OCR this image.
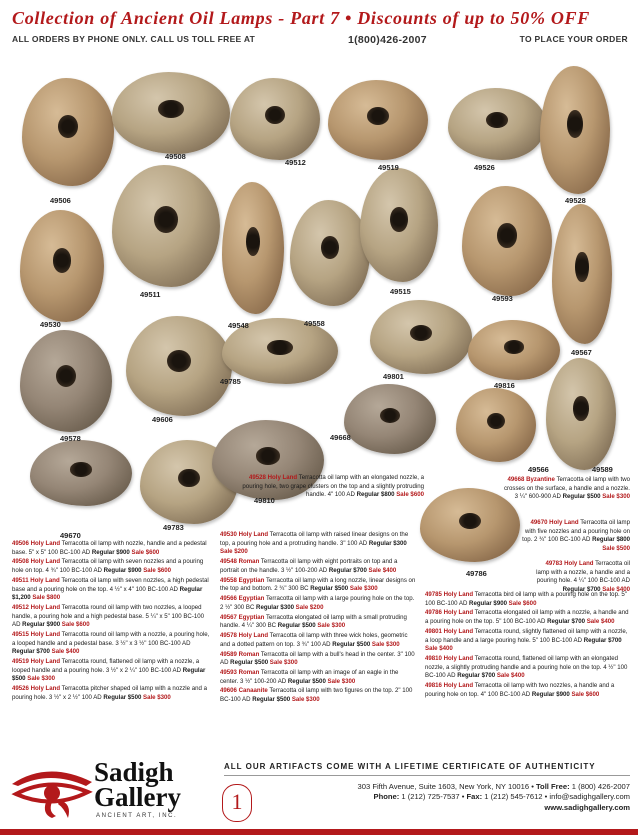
Collection of Ancient Oil Lamps - Part 7 • Discounts of up to 50% OFF
ALL ORDERS BY PHONE ONLY. CALL US TOLL FREE AT	1(800)426-2007	TO PLACE YOUR ORDER
49508
49512
49519	49526
49506	49528
49515
49511	49593
49530	49548	49558
49567
49801
49785	49816
49606
49578	49668
49566	49589
49810
49670
49783
49786
49528 Holy Land Terracotta oil lamp with an elongated nozzle, a pouring hole, two grape clusters on the top and a slightly protruding handle. 4" 100 AD Regular $800 Sale $600
49668 Byzantine Terracotta oil lamp with two crosses on the surface, a handle and a nozzle. 3 ¼" 600-900 AD Regular $500 Sale $300
49670 Holy Land Terracotta oil lamp with five nozzles and a pouring hole on top. 2 ¾" 100 BC-100 AD Regular $800 Sale $500
49783 Holy Land Terracotta oil lamp with a nozzle, a handle and a pouring hole. 4 ¼" 100 BC-100 AD Regular $700 Sale $400
49506 Holy Land Terracotta oil lamp with nozzle, handle and a pedestal base. 5" x 5" 100 BC-100 AD Regular $900 Sale $600
49508 Holy Land Terracotta oil lamp with seven nozzles and a pouring hole on top. 4 ¾" 100 BC-100 AD Regular $900 Sale $600
49511 Holy Land Terracotta oil lamp with seven nozzles, a high pedestal base and a pouring hole on the top. 4 ½" x 4" 100 BC-100 AD Regular $1,200 Sale $800
49512 Holy Land Terracotta round oil lamp with two nozzles, a looped handle, a pouring hole and a high pedestal base. 5 ¼" x 5" 100 BC-100 AD Regular $900 Sale $600
49515 Holy Land Terracotta round oil lamp with a nozzle, a pouring hole, a looped handle and a pedestal base. 3 ½" x 3 ½" 100 BC-100 AD Regular $700 Sale $400
49519 Holy Land Terracotta round, flattened oil lamp with a nozzle, a looped handle and a pouring hole. 3 ½" x 2 ¼" 100 BC-100 AD Regular $500 Sale $300
49526 Holy Land Terracotta pitcher shaped oil lamp with a nozzle and a pouring hole. 3 ½" x 2 ½" 100 AD Regular $500 Sale $300
49530 Holy Land Terracotta oil lamp with raised linear designs on the top, a pouring hole and a protruding handle. 3" 100 AD Regular $300 Sale $200
49548 Roman Terracotta oil lamp with eight portraits on top and a portrait on the handle. 3 ½" 100-200 AD Regular $700 Sale $400
49558 Egyptian Terracotta oil lamp with a long nozzle, linear designs on the top and bottom. 2 ¾" 300 BC Regular $500 Sale $300
49566 Egyptian Terracotta oil lamp with a large pouring hole on the top. 2 ½" 300 BC Regular $300 Sale $200
49567 Egyptian Terracotta elongated oil lamp with a small protruding handle. 4 ¼" 300 BC Regular $500 Sale $300
49578 Holy Land Terracotta oil lamp with three wick holes, geometric and a dotted pattern on top. 3 ¾" 100 AD Regular $500 Sale $300
49589 Roman Terracotta oil lamp with a bull's head in the center. 3" 100 AD Regular $500 Sale $300
49593 Roman Terracotta oil lamp with an image of an eagle in the center. 3 ½" 100-200 AD Regular $500 Sale $300
49606 Canaanite Terracotta oil lamp with two figures on the top. 2" 100 BC-100 AD Regular $500 Sale $300
49785 Holy Land Terracotta bird oil lamp with a pouring hole on the top. 5" 100 BC-100 AD Regular $900 Sale $600
49786 Holy Land Terracotta elongated oil lamp with a nozzle, a handle and a pouring hole on the top. 5" 100 BC-100 AD Regular $700 Sale $400
49801 Holy Land Terracotta round, slightly flattened oil lamp with a nozzle, a loop handle and a large pouring hole. 5" 100 BC-100 AD Regular $700 Sale $400
49810 Holy Land Terracotta round, flattened oil lamp with an elongated nozzle, a slightly protruding handle and a pouring hole on the top. 4 ½" 100 BC-100 AD Regular $700 Sale $400
49816 Holy Land Terracotta oil lamp with two nozzles, a handle and a pouring hole on top. 4" 100 BC-100 AD Regular $900 Sale $600
Sadigh
Gallery
ANCIENT ART, INC.
ALL OUR ARTIFACTS COME WITH A LIFETIME CERTIFICATE OF AUTHENTICITY
1
303 Fifth Avenue, Suite 1603, New York, NY 10016 • Toll Free: 1 (800) 426-2007
Phone: 1 (212) 725-7537 • Fax: 1 (212) 545-7612 • info@sadighgallery.com
www.sadighgallery.com
